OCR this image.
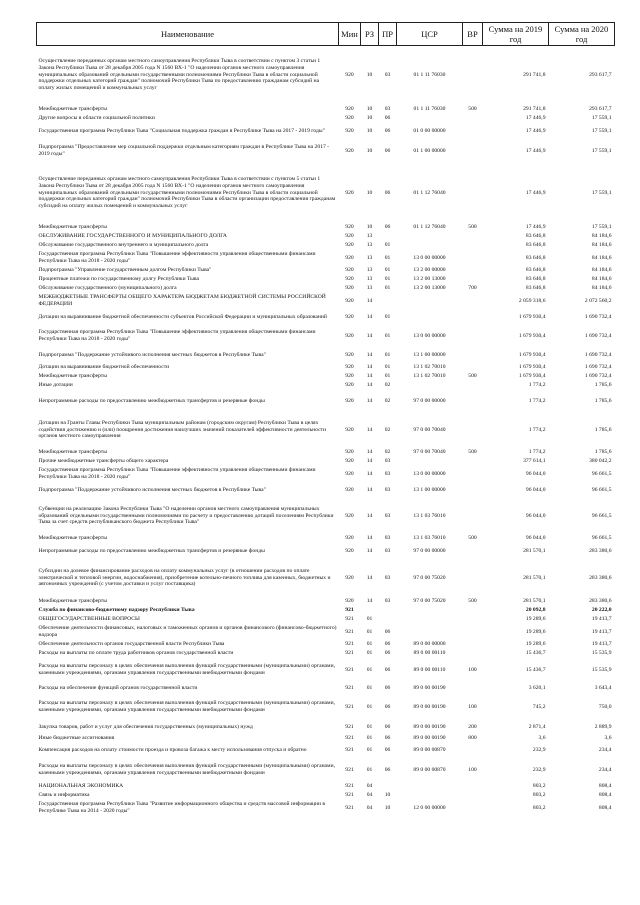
Наименование	Мин	РЗ	ПР	ЦСР	ВР	Сумма на 2019 год	Сумма на 2020 год
Осуществление переданных органам местного самоуправления Республики Тыва в соответствии с пунктом 3 статьи 1 Закона Республики Тыва от 28 декабря 2005 года N 1560 ВХ-1 "О наделении органов местного самоуправления муниципальных образований отдельными государственными полномочиями Республики Тыва в области социальной поддержки отдельных категорий граждан" полномочий Республики Тыва по предоставлению гражданам субсидий на оплату жилых помещений и коммунальных услуг	920	10	03	01 1 11 76030		291 741,8	293 617,7
Межбюджетные трансферты	920	10	03	01 1 11 76030	500	291 741,8	293 617,7
Другие вопросы в области социальной политики	920	10	06			17 446,9	17 559,1
Государственная программа Республики Тыва "Социальная поддержка граждан в Республике Тыва на 2017 - 2019 годы"	920	10	06	01 0 00 00000		17 446,9	17 559,1
Подпрограмма "Предоставление мер социальной поддержки отдельным категориям граждан в Республике Тыва на 2017 - 2019 годы"	920	10	06	01 1 00 00000		17 446,9	17 559,1
Осуществление переданных органам местного самоуправления Республики Тыва в соответствии с пунктом 5 статьи 1 Закона Республики Тыва от 28 декабря 2005 года N 1560 ВХ-1 "О наделении органов местного самоуправления муниципальных образований отдельными государственными полномочиями Республики Тыва в области социальной поддержки отдельных категорий граждан" полномочий Республики Тыва в области организации предоставления гражданам субсидий на оплату жилых помещений и коммунальных услуг	920	10	06	01 1 12 76040		17 446,9	17 559,1
Межбюджетные трансферты	920	10	06	01 1 12 76040	500	17 446,9	17 559,1
ОБСЛУЖИВАНИЕ ГОСУДАРСТВЕННОГО И МУНИЦИПАЛЬНОГО ДОЛГА	920	13				83 646,8	84 184,6
Обслуживание государственного внутреннего и муниципального долга	920	13	01			83 646,8	84 184,6
Государственная программа Республики Тыва "Повышение эффективности управления общественными финансами Республики Тыва на 2018 - 2020 годы"	920	13	01	13 0 00 00000		83 646,8	84 184,6
Подпрограмма "Управление государственным долгом Республики Тыва"	920	13	01	13 2 00 00000		83 646,8	84 184,6
Процентные платежи по государственному долгу Республики Тыва	920	13	01	13 2 00 13000		83 646,8	84 184,6
Обслуживание государственного (муниципального) долга	920	13	01	13 2 00 13000	700	83 646,8	84 184,6
МЕЖБЮДЖЕТНЫЕ ТРАНСФЕРТЫ ОБЩЕГО ХАРАКТЕРА БЮДЖЕТАМ БЮДЖЕТНОЙ СИСТЕМЫ РОССИЙСКОЙ ФЕДЕРАЦИИ	920	14				2 059 318,6	2 072 560,2
Дотации на выравнивание бюджетной обеспеченности субъектов Российской Федерации и муниципальных образований	920	14	01			1 679 930,4	1 690 732,4
Государственная программа Республики Тыва "Повышение эффективности управления общественными финансами Республики Тыва на 2018 - 2020 годы"	920	14	01	13 0 00 00000		1 679 930,4	1 690 732,4
Подпрограмма "Поддержание устойчивого исполнения местных бюджетов в Республике Тыва"	920	14	01	13 1 00 00000		1 679 930,4	1 690 732,4
Дотации на выравнивание бюджетной обеспеченности	920	14	01	13 1 02 70010		1 679 930,4	1 690 732,4
Межбюджетные трансферты	920	14	01	13 1 02 70010	500	1 679 930,4	1 690 732,4
Иные дотации	920	14	02			1 774,2	1 785,6
Непрограммные расходы по предоставлению межбюджетных трансфертов и резервные фонды	920	14	02	97 0 00 00000		1 774,2	1 785,6
Дотации на Гранты Главы Республики Тыва муниципальным районам (городским округам) Республики Тыва в целях содействия достижению и (или) поощрения достижения наилучших значений показателей эффективности деятельности органов местного самоуправления	920	14	02	97 0 00 70040		1 774,2	1 785,6
Межбюджетные трансферты	920	14	02	97 0 00 70040	500	1 774,2	1 785,6
Прочие межбюджетные трансферты общего характера	920	14	03			377 614,1	380 042,2
Государственная программа Республики Тыва "Повышение эффективности управления общественными финансами Республики Тыва на 2018 - 2020 годы"	920	14	03	13 0 00 00000		96 044,0	96 661,5
Подпрограмма "Поддержание устойчивого исполнения местных бюджетов в Республике Тыва"	920	14	03	13 1 00 00000		96 044,0	96 661,5
Субвенции на реализацию Закона Республики Тыва "О наделении органов местного самоуправления муниципальных образований отдельными государственными полномочиями по расчету и предоставлению дотаций поселениям Республики Тыва за счет средств республиканского бюджета Республики Тыва"	920	14	03	13 1 03 76010		96 044,0	96 661,5
Межбюджетные трансферты	920	14	03	13 1 03 76010	500	96 044,0	96 661,5
Непрограммные расходы по предоставлению межбюджетных трансфертов и резервные фонды	920	14	03	97 0 00 00000		281 570,1	283 380,6
Субсидии на долевое финансирование расходов на оплату коммунальных услуг (в отношении расходов по оплате электрической и тепловой энергии, водоснабжения), приобретение котельно-печного топлива для казенных, бюджетных и автономных учреждений (с учетом доставки и услуг поставщика)	920	14	03	97 0 00 75020		281 570,1	283 380,6
Межбюджетные трансферты	920	14	03	97 0 00 75020	500	281 570,1	283 380,6
Служба по финансово-бюджетному надзору Республики Тыва	921					20 092,8	20 222,0
ОБЩЕГОСУДАРСТВЕННЫЕ ВОПРОСЫ	921	01				19 289,6	19 413,7
Обеспечение деятельности финансовых, налоговых и таможенных органов и органов финансового (финансово-бюджетного) надзора	921	01	06			19 289,6	19 413,7
Обеспечение деятельности органов государственной власти Республики Тыва	921	01	06	89 0 00 00000		19 289,6	19 413,7
Расходы на выплаты по оплате труда работников органов государственной власти	921	01	06	89 0 00 00110		15 436,7	15 535,9
Расходы на выплаты персоналу в целях обеспечения выполнения функций государственными (муниципальными) органами, казенными учреждениями, органами управления государственными внебюджетными фондами	921	01	06	89 0 00 00110	100	15 436,7	15 535,9
Расходы на обеспечение функций органов государственной власти	921	01	06	89 0 00 00190		3 620,1	3 643,4
Расходы на выплаты персоналу в целях обеспечения выполнения функций государственными (муниципальными) органами, казенными учреждениями, органами управления государственными внебюджетными фондами	921	01	06	89 0 00 00190	100	745,2	750,0
Закупка товаров, работ и услуг для обеспечения государственных (муниципальных) нужд	921	01	06	89 0 00 00190	200	2 871,4	2 889,9
Иные бюджетные ассигнования	921	01	06	89 0 00 00190	800	3,6	3,6
Компенсация расходов на оплату стоимости проезда и провоза багажа к месту использования отпуска и обратно	921	01	06	89 0 00 00870		232,9	234,4
Расходы на выплаты персоналу в целях обеспечения выполнения функций государственными (муниципальными) органами, казенными учреждениями, органами управления государственными внебюджетными фондами	921	01	06	89 0 00 00870	100	232,9	234,4
НАЦИОНАЛЬНАЯ ЭКОНОМИКА	921	04				803,2	808,4
Связь и информатика	921	04	10			803,2	808,4
Государственная программа Республики Тыва "Развитие информационного общества и средств массовой информации в Республике Тыва на 2014 - 2020 годы"	921	04	10	12 0 00 00000		803,2	808,4
